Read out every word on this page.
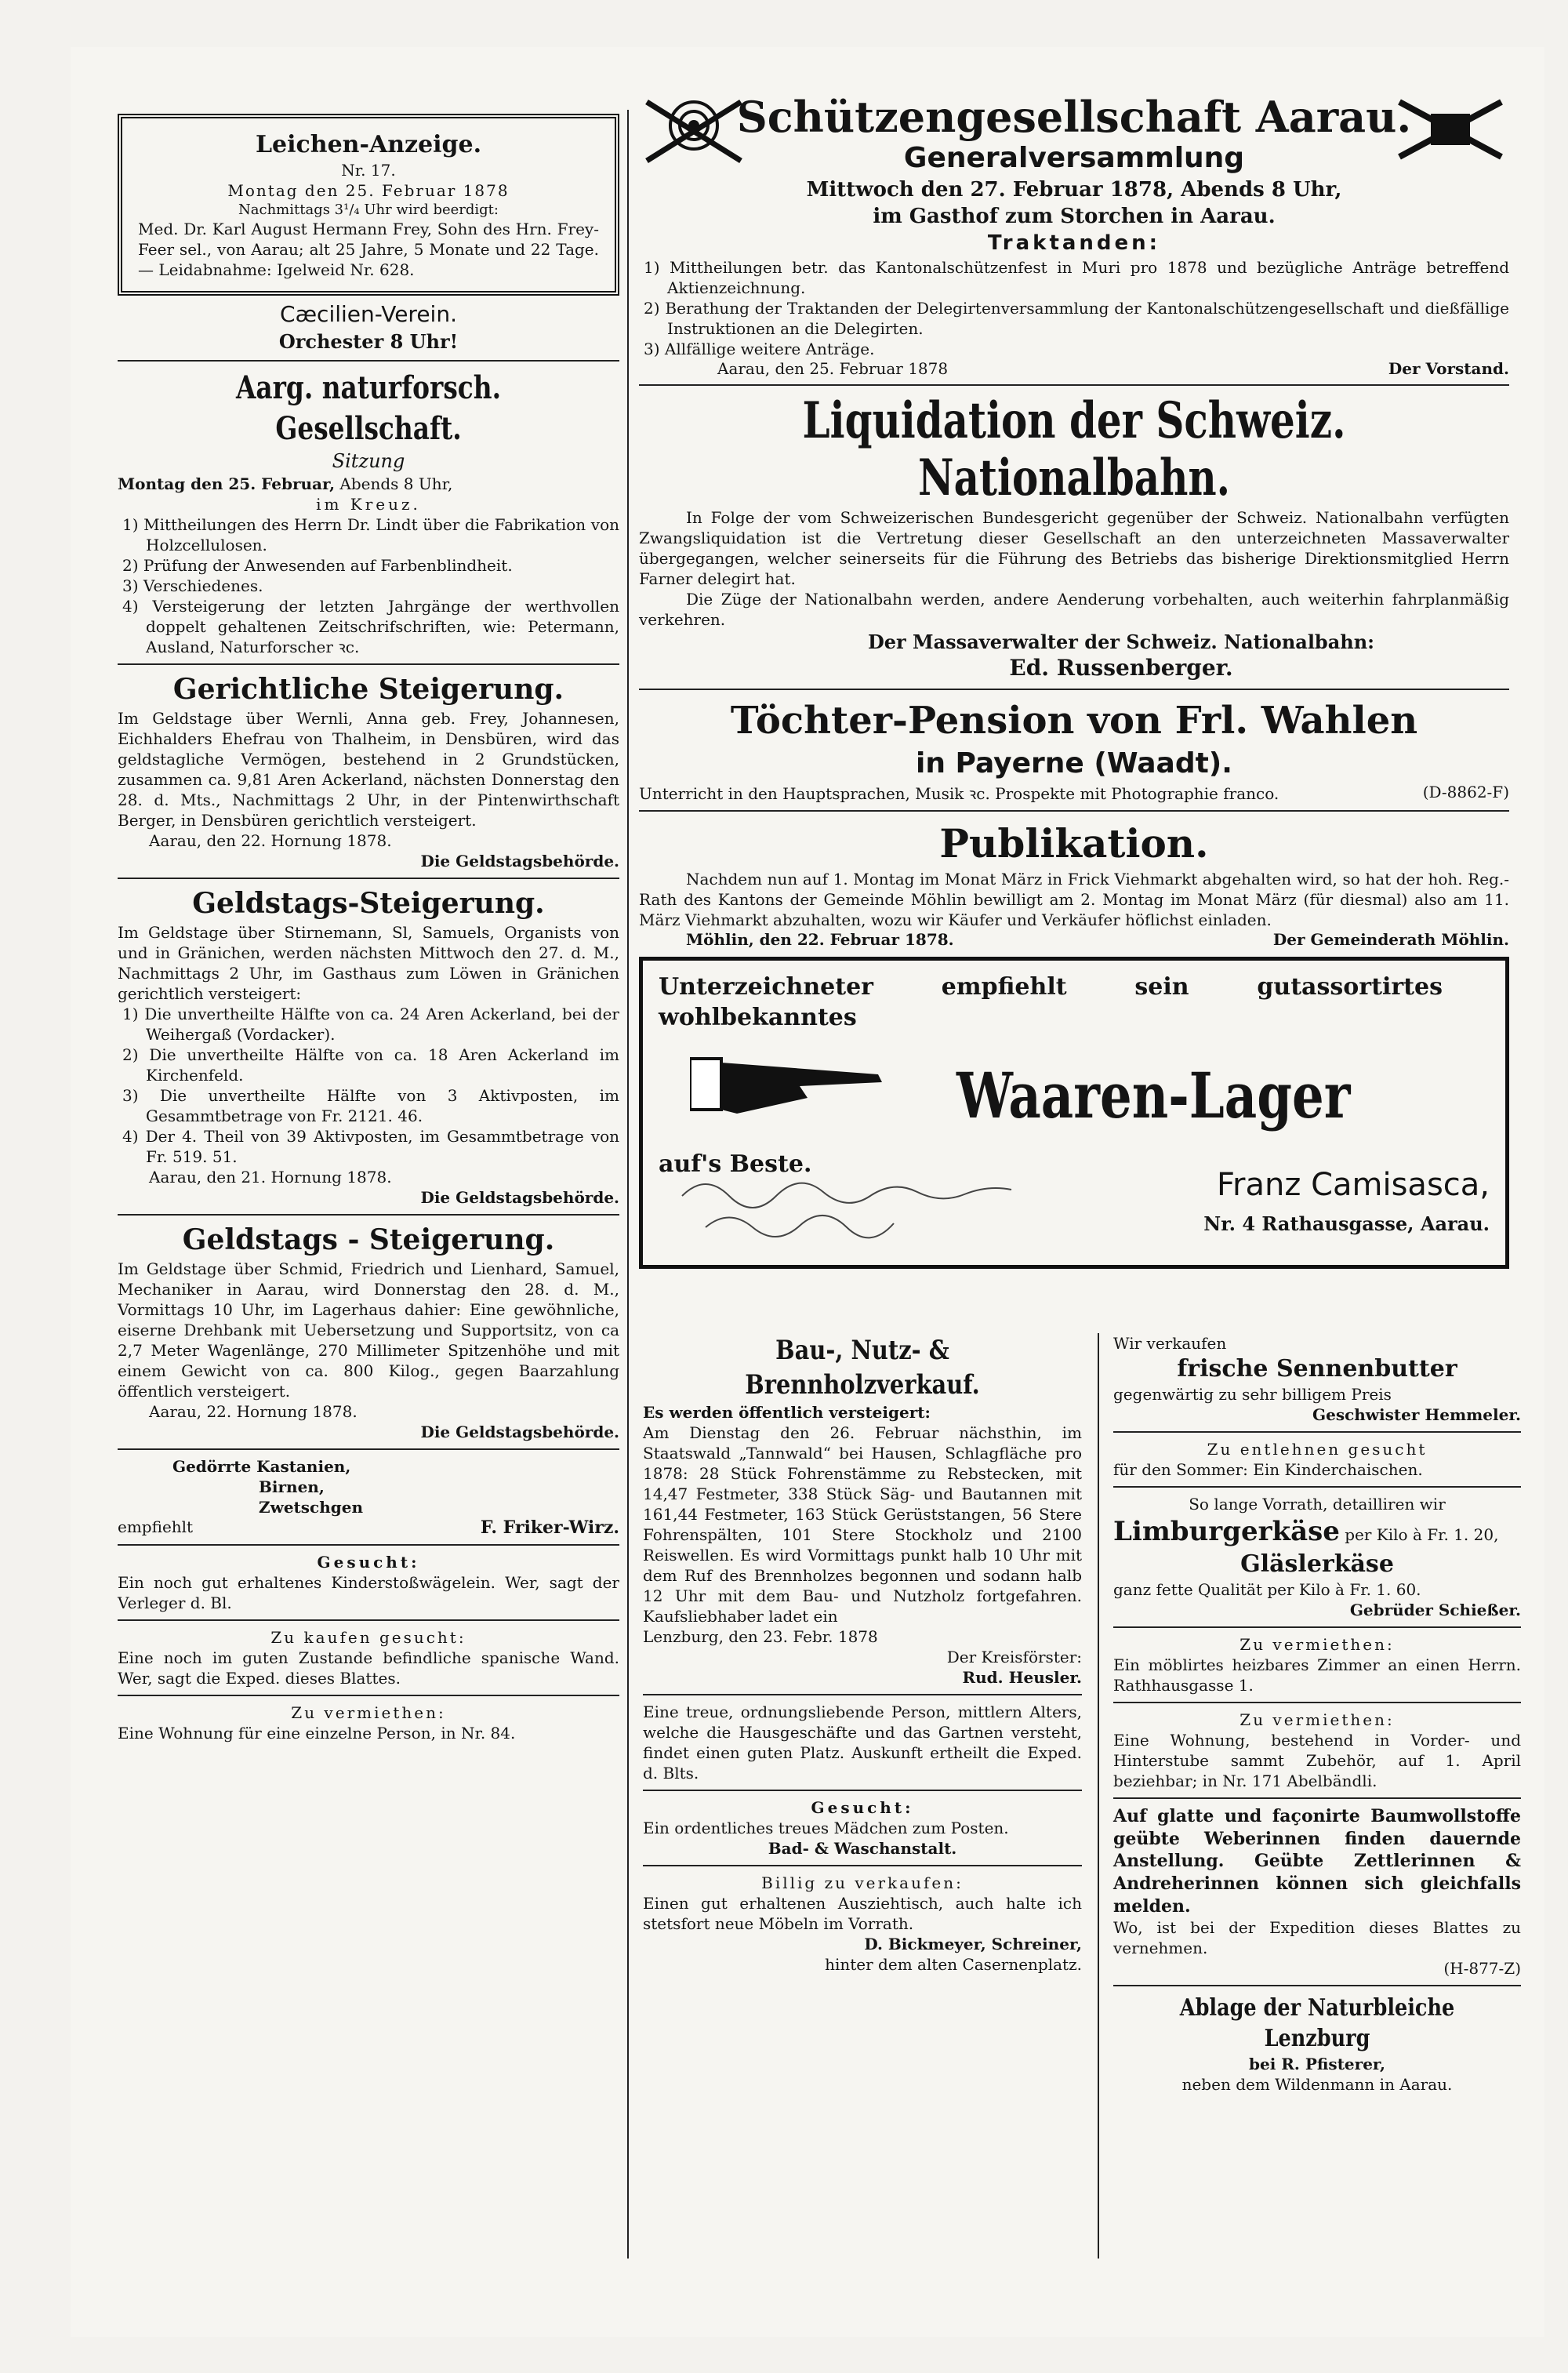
Leichen-Anzeige.

Nr. 17.

Montag den 25. Februar 1878

Nachmittags 3¹/₄ Uhr wird beerdigt:

Med. Dr. Karl August Hermann Frey, Sohn des Hrn. Frey-Feer sel., von Aarau; alt 25 Jahre, 5 Monate und 22 Tage. — Leidabnahme: Igelweid Nr. 628.

Cæcilien-Verein.

Orchester 8 Uhr!

Aarg. naturforsch. Gesellschaft.

Sitzung

Montag den 25. Februar, Abends 8 Uhr,

im Kreuz.

1) Mittheilungen des Herrn Dr. Lindt über die Fabrikation von Holzcellulosen.

2) Prüfung der Anwesenden auf Farbenblindheit.

3) Verschiedenes.

4) Versteigerung der letzten Jahrgänge der werthvollen doppelt gehaltenen Zeitschrifschriften, wie: Petermann, Ausland, Naturforscher ꝛc.

Gerichtliche Steigerung.

Im Geldstage über Wernli, Anna geb. Frey, Johannesen, Eichhalders Ehefrau von Thalheim, in Densbüren, wird das geldstagliche Vermögen, bestehend in 2 Grundstücken, zusammen ca. 9,81 Aren Ackerland, nächsten Donnerstag den 28. d. Mts., Nachmittags 2 Uhr, in der Pintenwirthschaft Berger, in Densbüren gerichtlich versteigert.

Aarau, den 22. Hornung 1878.

Die Geldstagsbehörde.

Geldstags-Steigerung.

Im Geldstage über Stirnemann, Sl, Samuels, Organists von und in Gränichen, werden nächsten Mittwoch den 27. d. M., Nachmittags 2 Uhr, im Gasthaus zum Löwen in Gränichen gerichtlich versteigert:

1) Die unvertheilte Hälfte von ca. 24 Aren Ackerland, bei der Weihergaß (Vordacker).

2) Die unvertheilte Hälfte von ca. 18 Aren Ackerland im Kirchenfeld.

3) Die unvertheilte Hälfte von 3 Aktivposten, im Gesammtbetrage von Fr. 2121. 46.

4) Der 4. Theil von 39 Aktivposten, im Gesammtbetrage von Fr. 519. 51.

Aarau, den 21. Hornung 1878.

Die Geldstagsbehörde.

Geldstags - Steigerung.

Im Geldstage über Schmid, Friedrich und Lienhard, Samuel, Mechaniker in Aarau, wird Donnerstag den 28. d. M., Vormittags 10 Uhr, im Lagerhaus dahier: Eine gewöhnliche, eiserne Drehbank mit Uebersetzung und Supportsitz, von ca 2,7 Meter Wagenlänge, 270 Millimeter Spitzenhöhe und mit einem Gewicht von ca. 800 Kilog., gegen Baarzahlung öffentlich versteigert.

Aarau, 22. Hornung 1878.

Die Geldstagsbehörde.

Gedörrte Kastanien,

Birnen,

Zwetschgen

empfiehlt	F. Friker-Wirz.

Gesucht:

Ein noch gut erhaltenes Kinderstoßwägelein. Wer, sagt der Verleger d. Bl.

Zu kaufen gesucht:

Eine noch im guten Zustande befindliche spanische Wand. Wer, sagt die Exped. dieses Blattes.

Zu vermiethen:

Eine Wohnung für eine einzelne Person, in Nr. 84.

Schützengesellschaft Aarau.

Generalversammlung

Mittwoch den 27. Februar 1878, Abends 8 Uhr,

im Gasthof zum Storchen in Aarau.

Traktanden:

1) Mittheilungen betr. das Kantonalschützenfest in Muri pro 1878 und bezügliche Anträge betreffend Aktienzeichnung.

2) Berathung der Traktanden der Delegirtenversammlung der Kantonalschützengesellschaft und dießfällige Instruktionen an die Delegirten.

3) Allfällige weitere Anträge.

Aarau, den 25. Februar 1878	Der Vorstand.

Liquidation der Schweiz. Nationalbahn.

In Folge der vom Schweizerischen Bundesgericht gegenüber der Schweiz. Nationalbahn verfügten Zwangsliquidation ist die Vertretung dieser Gesellschaft an den unterzeichneten Massaverwalter übergegangen, welcher seinerseits für die Führung des Betriebs das bisherige Direktionsmitglied Herrn Farner delegirt hat.

Die Züge der Nationalbahn werden, andere Aenderung vorbehalten, auch weiterhin fahrplanmäßig verkehren.

Der Massaverwalter der Schweiz. Nationalbahn:

Ed. Russenberger.

Töchter-Pension von Frl. Wahlen

in Payerne (Waadt).

Unterricht in den Hauptsprachen, Musik ꝛc. Prospekte mit Photographie franco.	(D-8862-F)

Publikation.

Nachdem nun auf 1. Montag im Monat März in Frick Viehmarkt abgehalten wird, so hat der hoh. Reg.-Rath des Kantons der Gemeinde Möhlin bewilligt am 2. Montag im Monat März (für diesmal) also am 11. März Viehmarkt abzuhalten, wozu wir Käufer und Verkäufer höflichst einladen.

Möhlin, den 22. Februar 1878.	Der Gemeinderath Möhlin.

Unterzeichneter empfiehlt sein gutassortirtes wohlbekanntes

Waaren-Lager

auf's Beste.

Franz Camisasca,

Nr. 4 Rathausgasse, Aarau.

Bau-, Nutz- & Brennholzverkauf.

Es werden öffentlich versteigert:

Am Dienstag den 26. Februar nächsthin, im Staatswald „Tannwald“ bei Hausen, Schlagfläche pro 1878: 28 Stück Fohrenstämme zu Rebstecken, mit 14,47 Festmeter, 338 Stück Säg- und Bautannen mit 161,44 Festmeter, 163 Stück Gerüststangen, 56 Stere Fohrenspälten, 101 Stere Stockholz und 2100 Reiswellen. Es wird Vormittags punkt halb 10 Uhr mit dem Ruf des Brennholzes begonnen und sodann halb 12 Uhr mit dem Bau- und Nutzholz fortgefahren. Kaufsliebhaber ladet ein

Lenzburg, den 23. Febr. 1878

Der Kreisförster:

Rud. Heusler.

Eine treue, ordnungsliebende Person, mittlern Alters, welche die Hausgeschäfte und das Gartnen versteht, findet einen guten Platz. Auskunft ertheilt die Exped. d. Blts.

Gesucht:

Ein ordentliches treues Mädchen zum Posten.

Bad- & Waschanstalt.

Billig zu verkaufen:

Einen gut erhaltenen Ausziehtisch, auch halte ich stetsfort neue Möbeln im Vorrath.

D. Bickmeyer, Schreiner,

hinter dem alten Casernenplatz.

Wir verkaufen

frische Sennenbutter

gegenwärtig zu sehr billigem Preis

Geschwister Hemmeler.

Zu entlehnen gesucht

für den Sommer: Ein Kinderchaischen.

So lange Vorrath, detailliren wir

Limburgerkäse per Kilo à Fr. 1. 20,

Gläslerkäse

ganz fette Qualität per Kilo à Fr. 1. 60.

Gebrüder Schießer.

Zu vermiethen:

Ein möblirtes heizbares Zimmer an einen Herrn. Rathhausgasse 1.

Zu vermiethen:

Eine Wohnung, bestehend in Vorder- und Hinterstube sammt Zubehör, auf 1. April beziehbar; in Nr. 171 Abelbändli.

Auf glatte und façonirte Baumwollstoffe geübte Weberinnen finden dauernde Anstellung. Geübte Zettlerinnen & Andreherinnen können sich gleichfalls melden.

Wo, ist bei der Expedition dieses Blattes zu vernehmen.

(H-877-Z)

Ablage der Naturbleiche Lenzburg

bei R. Pfisterer,

neben dem Wildenmann in Aarau.
